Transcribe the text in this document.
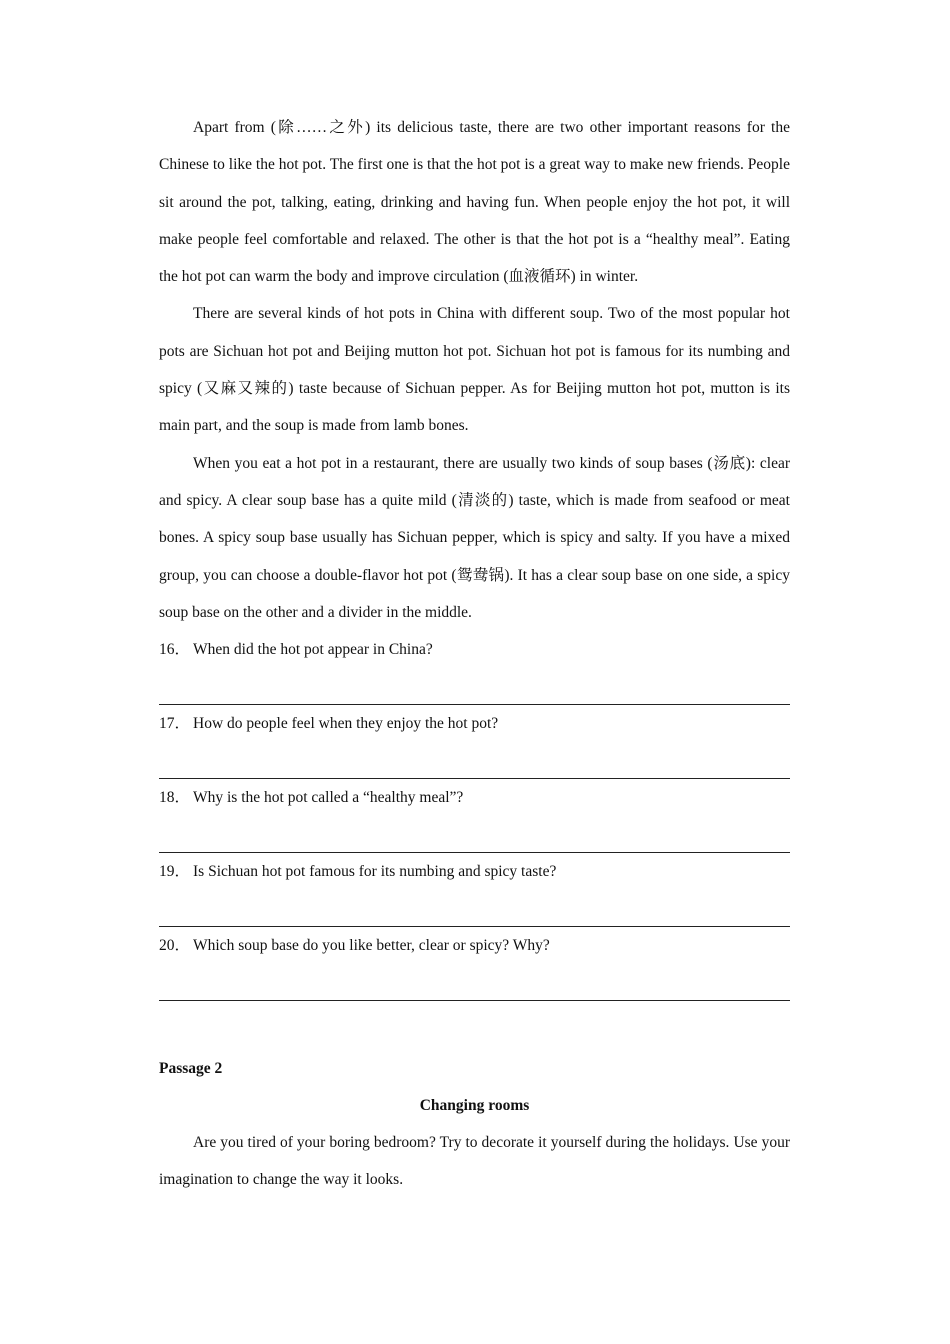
Apart from (除……之外) its delicious taste, there are two other important reasons for the Chinese to like the hot pot. The first one is that the hot pot is a great way to make new friends. People sit around the pot, talking, eating, drinking and having fun. When people enjoy the hot pot, it will make people feel comfortable and relaxed. The other is that the hot pot is a “healthy meal”. Eating the hot pot can warm the body and improve circulation (血液循环) in winter.

There are several kinds of hot pots in China with different soup. Two of the most popular hot pots are Sichuan hot pot and Beijing mutton hot pot. Sichuan hot pot is famous for its numbing and spicy (又麻又辣的) taste because of Sichuan pepper. As for Beijing mutton hot pot, mutton is its main part, and the soup is made from lamb bones.

When you eat a hot pot in a restaurant, there are usually two kinds of soup bases (汤底): clear and spicy. A clear soup base has a quite mild (清淡的) taste, which is made from seafood or meat bones. A spicy soup base usually has Sichuan pepper, which is spicy and salty. If you have a mixed group, you can choose a double-flavor hot pot (鸳鸯锅). It has a clear soup base on one side, a spicy soup base on the other and a divider in the middle.

16． When did the hot pot appear in China?

17． How do people feel when they enjoy the hot pot?

18． Why is the hot pot called a “healthy meal”?

19． Is Sichuan hot pot famous for its numbing and spicy taste?

20． Which soup base do you like better, clear or spicy? Why?

Passage 2

Changing rooms

Are you tired of your boring bedroom? Try to decorate it yourself during the holidays. Use your imagination to change the way it looks.
